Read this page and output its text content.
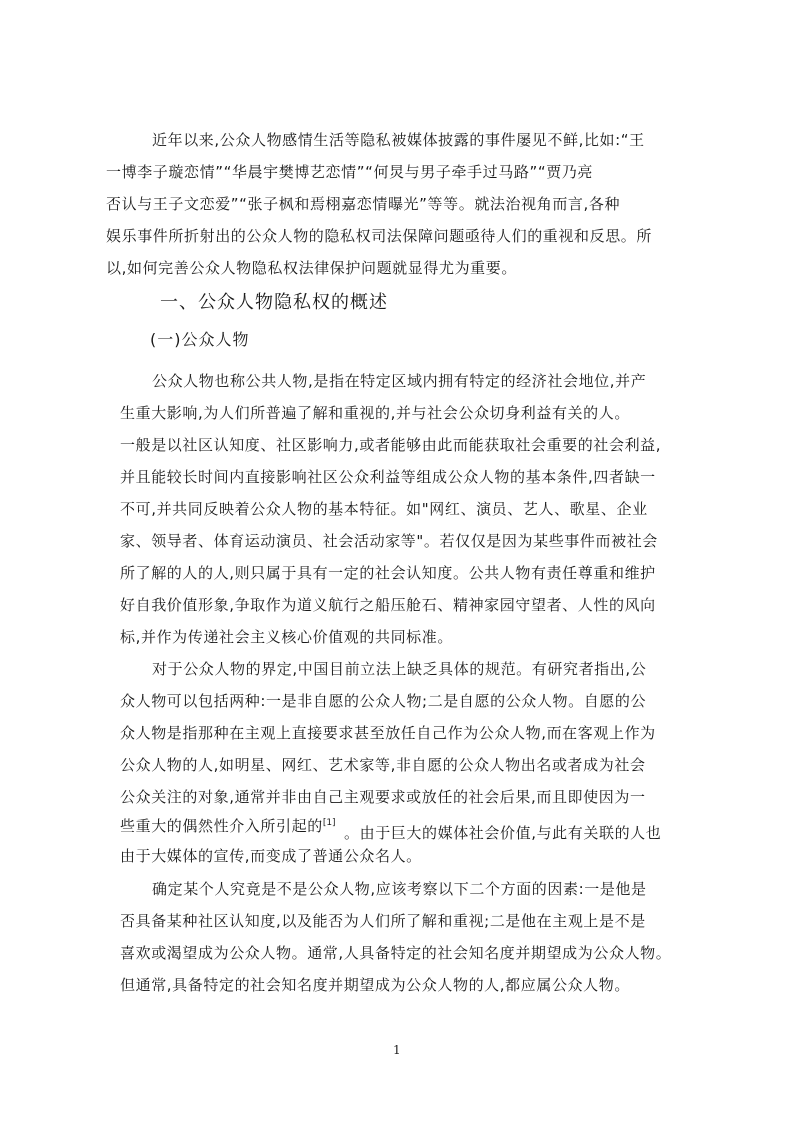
近年以来,公众人物感情生活等隐私被媒体披露的事件屡见不鲜,比如:“王
一博李子璇恋情”“华晨宇樊博艺恋情”“何炅与男子牵手过马路”“贾乃亮
否认与王子文恋爱”“张子枫和焉栩嘉恋情曝光”等等。就法治视角而言,各种
娱乐事件所折射出的公众人物的隐私权司法保障问题亟待人们的重视和反思。所
以,如何完善公众人物隐私权法律保护问题就显得尤为重要。
一、公众人物隐私权的概述
(一)公众人物
公众人物也称公共人物,是指在特定区域内拥有特定的经济社会地位,并产
生重大影响,为人们所普遍了解和重视的,并与社会公众切身利益有关的人。
一般是以社区认知度、社区影响力,或者能够由此而能获取社会重要的社会利益,
并且能较长时间内直接影响社区公众利益等组成公众人物的基本条件,四者缺一
不可,并共同反映着公众人物的基本特征。如"网红、演员、艺人、歌星、企业
家、领导者、体育运动演员、社会活动家等"。若仅仅是因为某些事件而被社会
所了解的人的人,则只属于具有一定的社会认知度。公共人物有责任尊重和维护
好自我价值形象,争取作为道义航行之船压舱石、精神家园守望者、人性的风向
标,并作为传递社会主义核心价值观的共同标准。
对于公众人物的界定,中国目前立法上缺乏具体的规范。有研究者指出,公
众人物可以包括两种:一是非自愿的公众人物;二是自愿的公众人物。自愿的公
众人物是指那种在主观上直接要求甚至放任自己作为公众人物,而在客观上作为
公众人物的人,如明星、网红、艺术家等,非自愿的公众人物出名或者成为社会
公众关注的对象,通常并非由自己主观要求或放任的社会后果,而且即使因为一
些重大的偶然性介入所引起的[1]
。由于巨大的媒体社会价值,与此有关联的人也
由于大媒体的宣传,而变成了普通公众名人。
确定某个人究竟是不是公众人物,应该考察以下二个方面的因素:一是他是
否具备某种社区认知度,以及能否为人们所了解和重视;二是他在主观上是不是
喜欢或渴望成为公众人物。通常,人具备特定的社会知名度并期望成为公众人物。
但通常,具备特定的社会知名度并期望成为公众人物的人,都应属公众人物。
1
